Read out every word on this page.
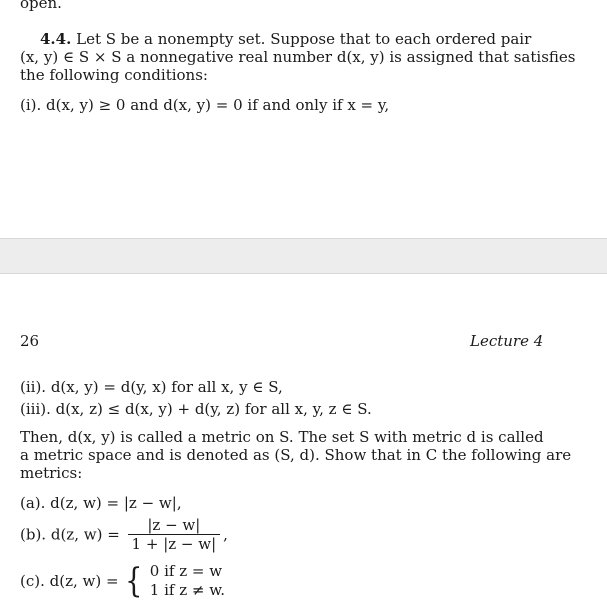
open.
4.4. Let S be a nonempty set. Suppose that to each ordered pair
(x, y) ∈ S × S a nonnegative real number d(x, y) is assigned that satisfies
the following conditions:
(i). d(x, y) ≥ 0 and d(x, y) = 0 if and only if x = y,
26	Lecture 4
(ii). d(x, y) = d(y, x) for all x, y ∈ S,
(iii). d(x, z) ≤ d(x, y) + d(y, z) for all x, y, z ∈ S.
Then, d(x, y) is called a metric on S. The set S with metric d is called
a metric space and is denoted as (S, d). Show that in C the following are
metrics:
(a). d(z, w) = |z − w|,
(b). d(z, $w) = \frac{|z - w|}{1 + |z - w|}$ ,
(c). d(z, w) = { 0 if z = w
1 if z ≠ w.
